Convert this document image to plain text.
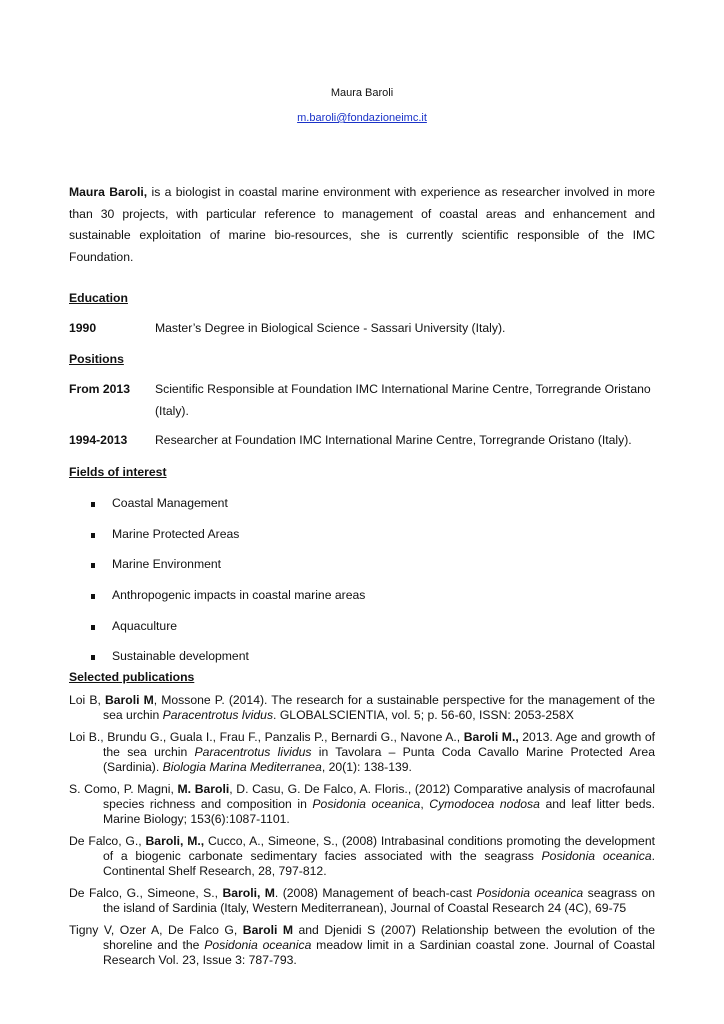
Maura Baroli
m.baroli@fondazioneimc.it
Maura Baroli, is a biologist in coastal marine environment with experience as researcher involved in more than 30 projects, with particular reference to management of coastal areas and enhancement and sustainable exploitation of marine bio-resources, she is currently scientific responsible of the IMC Foundation.
Education
1990	Master’s Degree in Biological Science - Sassari University (Italy).
Positions
From 2013 Scientific Responsible at Foundation IMC International Marine Centre, Torregrande Oristano (Italy).
1994-2013 Researcher at Foundation IMC International Marine Centre, Torregrande Oristano (Italy).
Fields of interest
Coastal Management
Marine Protected Areas
Marine Environment
Anthropogenic impacts in coastal marine areas
Aquaculture
Sustainable development
Selected publications

Loi B, Baroli M, Mossone P. (2014). The research for a sustainable perspective for the management of the sea urchin Paracentrotus lvidus. GLOBALSCIENTIA, vol. 5; p. 56-60, ISSN: 2053-258X

Loi B., Brundu G., Guala I., Frau F., Panzalis P., Bernardi G., Navone A., Baroli M., 2013. Age and growth of the sea urchin Paracentrotus lividus in Tavolara – Punta Coda Cavallo Marine Protected Area (Sardinia). Biologia Marina Mediterranea, 20(1): 138-139.

S. Como, P. Magni, M. Baroli, D. Casu, G. De Falco, A. Floris., (2012) Comparative analysis of macrofaunal species richness and composition in Posidonia oceanica, Cymodocea nodosa and leaf litter beds. Marine Biology; 153(6):1087-1101.

De Falco, G., Baroli, M., Cucco, A., Simeone, S., (2008) Intrabasinal conditions promoting the development of a biogenic carbonate sedimentary facies associated with the seagrass Posidonia oceanica. Continental Shelf Research, 28, 797-812.

De Falco, G., Simeone, S., Baroli, M. (2008) Management of beach-cast Posidonia oceanica seagrass on the island of Sardinia (Italy, Western Mediterranean), Journal of Coastal Research 24 (4C), 69-75

Tigny V, Ozer A, De Falco G, Baroli M and Djenidi S (2007) Relationship between the evolution of the shoreline and the Posidonia oceanica meadow limit in a Sardinian coastal zone. Journal of Coastal Research Vol. 23, Issue 3: 787-793.
